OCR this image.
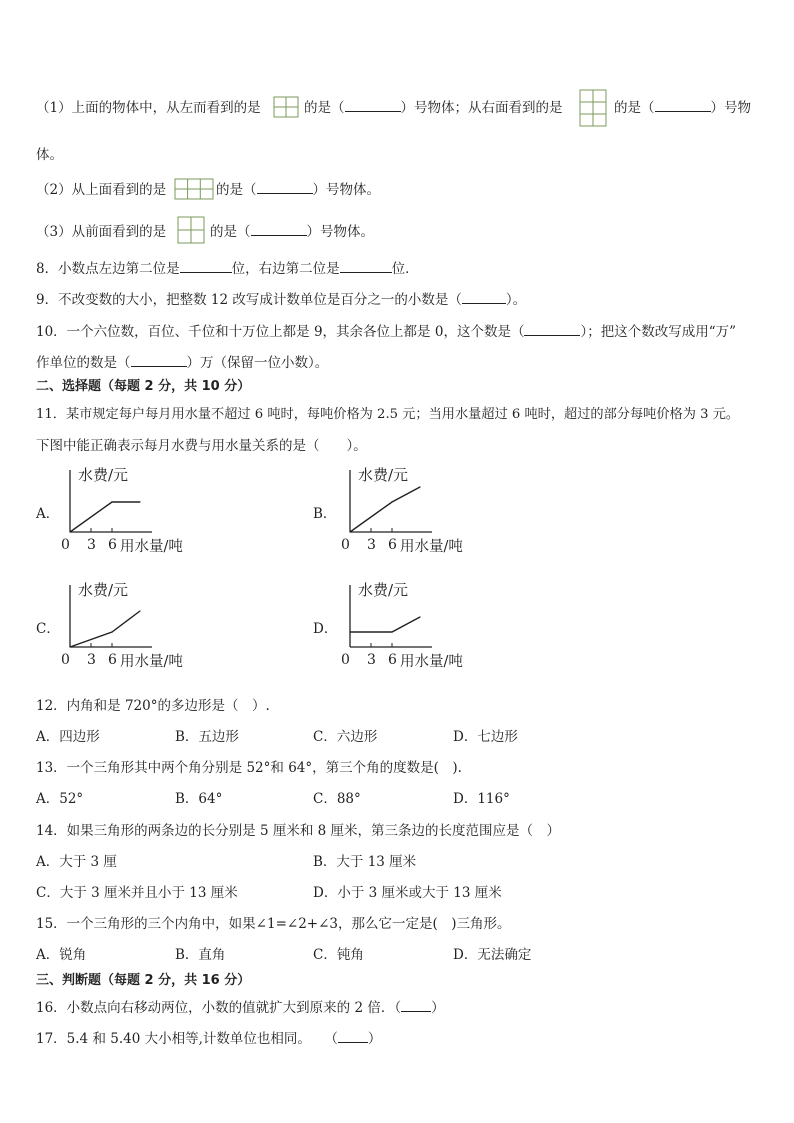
（1）上面的物体中，从左而看到的是	的是（	）号物体；从右面看到的是	的是（	）号物
体。
（2）从上面看到的是	的是（	）号物体。
（3）从前面看到的是	的是（	）号物体。
8．小数点左边第二位是	位，右边第二位是	位．
9．不改变数的大小，把整数 12 改写成计数单位是百分之一的小数是（	）。
10．一个六位数，百位、千位和十万位上都是 9，其余各位上都是 0，这个数是（	）；把这个数改写成用“万”
作单位的数是（	）万（保留一位小数）。
二、选择题（每题 2 分，共 10 分）
11．某市规定每户每月用水量不超过 6 吨时，每吨价格为 2.5 元；当用水量超过 6 吨时，超过的部分每吨价格为 3 元。
下图中能正确表示每月水费与用水量关系的是（　　）。
A．
水费/元
0 3 6 用水量/吨
B．
水费/元
0 3 6 用水量/吨
C．
水费/元
0 3 6 用水量/吨
D．
水费/元
0 3 6 用水量/吨
12．内角和是 720°的多边形是（　）.
A．四边形	B．五边形	C．六边形	D．七边形
13．一个三角形其中两个角分别是 52°和 64°，第三个角的度数是(　).
A．52°	B．64°	C．88°	D．116°
14．如果三角形的两条边的长分别是 5 厘米和 8 厘米，第三条边的长度范围应是（　）
A．大于 3 厘	B．大于 13 厘米
C．大于 3 厘米并且小于 13 厘米	D．小于 3 厘米或大于 13 厘米
15．一个三角形的三个内角中，如果∠1=∠2+∠3，那么它一定是(　)三角形。
A．锐角	B．直角	C．钝角	D．无法确定
三、判断题（每题 2 分，共 16 分）
16．小数点向右移动两位，小数的值就扩大到原来的 2 倍．（ ）
17．5.4 和 5.40 大小相等,计数单位也相同。　　（ ）
